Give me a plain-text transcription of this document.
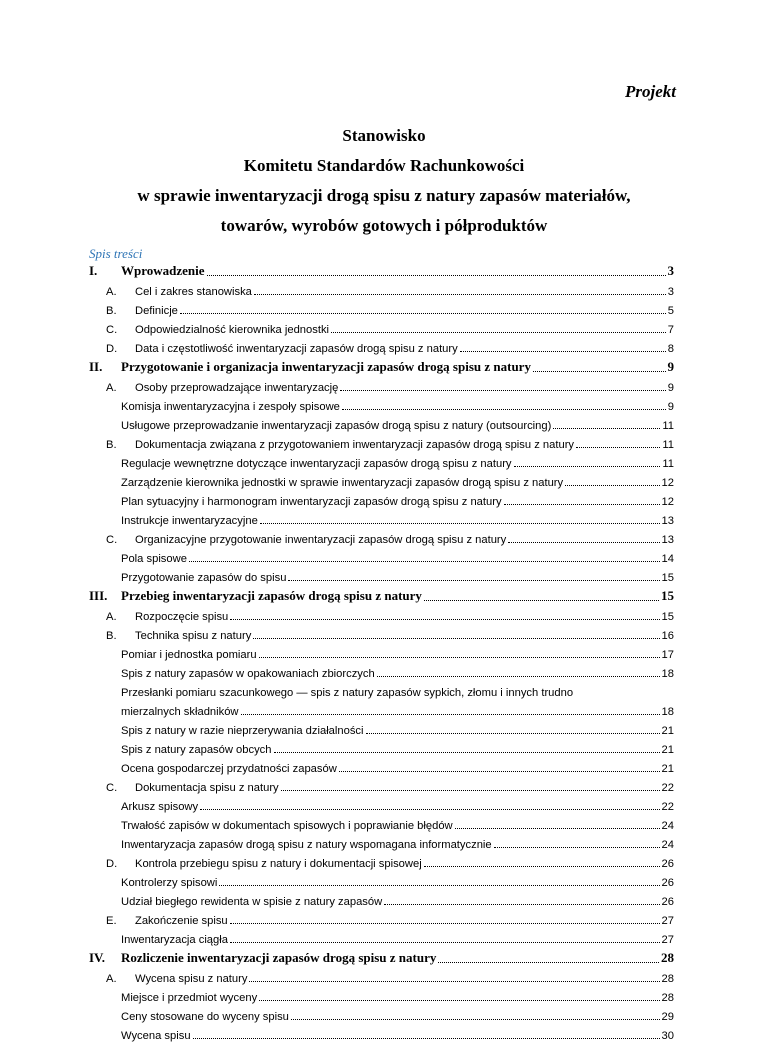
Projekt
Stanowisko
Komitetu Standardów Rachunkowości
w sprawie inwentaryzacji drogą spisu z natury zapasów materiałów,
towarów, wyrobów gotowych i półproduktów
Spis treści
I.	Wprowadzenie	3
A.	Cel i zakres stanowiska	3
B.	Definicje	5
C.	Odpowiedzialność kierownika jednostki	7
D.	Data i częstotliwość inwentaryzacji zapasów drogą spisu z natury	8
II.	Przygotowanie i organizacja inwentaryzacji zapasów drogą spisu z natury	9
A.	Osoby przeprowadzające inwentaryzację	9
Komisja inwentaryzacyjna i zespoły spisowe	9
Usługowe przeprowadzanie inwentaryzacji zapasów drogą spisu z natury (outsourcing)	11
B.	Dokumentacja związana z przygotowaniem inwentaryzacji zapasów drogą spisu z natury	11
Regulacje wewnętrzne dotyczące inwentaryzacji zapasów drogą spisu z natury	11
Zarządzenie kierownika jednostki w sprawie inwentaryzacji zapasów drogą spisu z natury	12
Plan sytuacyjny i harmonogram inwentaryzacji zapasów drogą spisu z natury	12
Instrukcje inwentaryzacyjne	13
C.	Organizacyjne przygotowanie inwentaryzacji zapasów drogą spisu z natury	13
Pola spisowe	14
Przygotowanie zapasów do spisu	15
III.	Przebieg inwentaryzacji zapasów drogą spisu z natury	15
A.	Rozpoczęcie spisu	15
B.	Technika spisu z natury	16
Pomiar i jednostka pomiaru	17
Spis z natury zapasów w opakowaniach zbiorczych	18
Przesłanki pomiaru szacunkowego — spis z natury zapasów sypkich, złomu i innych trudno
mierzalnych składników	18
Spis z natury w razie nieprzerywania działalności	21
Spis z natury zapasów obcych	21
Ocena gospodarczej przydatności zapasów	21
C.	Dokumentacja spisu z natury	22
Arkusz spisowy	22
Trwałość zapisów w dokumentach spisowych i poprawianie błędów	24
Inwentaryzacja zapasów drogą spisu z natury wspomagana informatycznie	24
D.	Kontrola przebiegu spisu z natury i dokumentacji spisowej	26
Kontrolerzy spisowi	26
Udział biegłego rewidenta w spisie z natury zapasów	26
E.	Zakończenie spisu	27
Inwentaryzacja ciągła	27
IV.	Rozliczenie inwentaryzacji zapasów drogą spisu z natury	28
A.	Wycena spisu z natury	28
Miejsce i przedmiot wyceny	28
Ceny stosowane do wyceny spisu	29
Wycena spisu	30
